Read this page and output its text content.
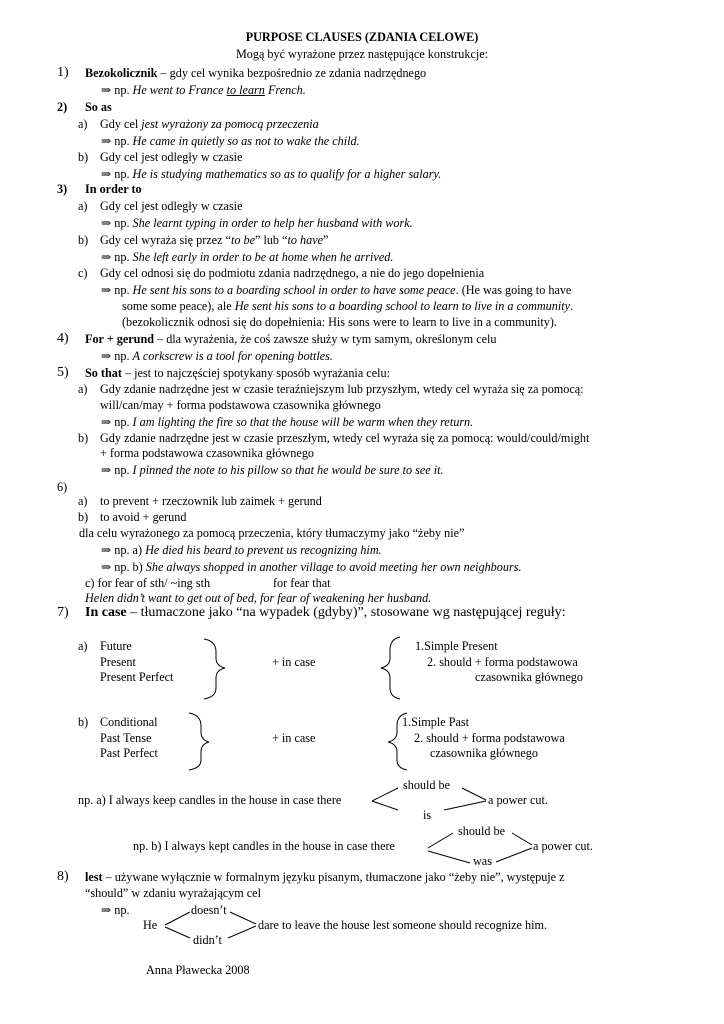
PURPOSE CLAUSES (ZDANIA CELOWE)
Mogą być wyrażone przez następujące konstrukcje:
1) Bezokolicznik – gdy cel wynika bezpośrednio ze zdania nadrzędnego
⇒ np. He went to France to learn French.
2) So as
a) Gdy cel jest wyrażony za pomocą przeczenia
⇒ np. He came in quietly so as not to wake the child.
b) Gdy cel jest odległy w czasie
⇒ np. He is studying mathematics so as to qualify for a higher salary.
3) In order to
a) Gdy cel jest odległy w czasie
⇒ np. She learnt typing in order to help her husband with work.
b) Gdy cel wyraża się przez “to be” lub “to have”
⇒ np. She left early in order to be at home when he arrived.
c) Gdy cel odnosi się do podmiotu zdania nadrzędnego, a nie do jego dopełnienia
⇒ np. He sent his sons to a boarding school in order to have some peace. (He was going to have
some some peace), ale He sent his sons to a boarding school to learn to live in a community.
(bezokolicznik odnosi się do dopełnienia: His sons were to learn to live in a community).
4) For + gerund – dla wyrażenia, że coś zawsze służy w tym samym, określonym celu
⇒ np. A corkscrew is a tool for opening bottles.
5) So that – jest to najczęściej spotykany sposób wyrażania celu:
a) Gdy zdanie nadrzędne jest w czasie teraźniejszym lub przyszłym, wtedy cel wyraża się za pomocą:
will/can/may + forma podstawowa czasownika głównego
⇒ np. I am lighting the fire so that the house will be warm when they return.
b) Gdy zdanie nadrzędne jest w czasie przeszłym, wtedy cel wyraża się za pomocą: would/could/might
+ forma podstawowa czasownika głównego
⇒ np. I pinned the note to his pillow so that he would be sure to see it.
6)
a) to prevent + rzeczownik lub zaimek + gerund
b) to avoid + gerund
dla celu wyrażonego za pomocą przeczenia, który tłumaczymy jako “żeby nie”
⇒ np. a) He died his beard to prevent us recognizing him.
⇒ np. b) She always shopped in another village to avoid meeting her own neighbours.
c) for fear of sth/ ~ing sth	for fear that
Helen didn’t want to get out of bed, for fear of weakening her husband.
7) In case – tłumaczone jako “na wypadek (gdyby)”, stosowane wg następującej reguły:
a) Future
Present
Present Perfect
+ in case
1.Simple Present
2. should + forma podstawowa
czasownika głównego
b) Conditional
Past Tense
Past Perfect
+ in case
1.Simple Past
2. should + forma podstawowa
czasownika głównego
should be
np. a) I always keep candles in the house in case there	a power cut.
is
should be
np. b) I always kept candles in the house in case there	a power cut.
was
8) lest – używane wyłącznie w formalnym języku pisanym, tłumaczone jako “żeby nie”, występuje z
“should” w zdaniu wyrażającym cel
⇒ np.	doesn’t
He	dare to leave the house lest someone should recognize him.
didn’t
Anna Pławecka 2008
